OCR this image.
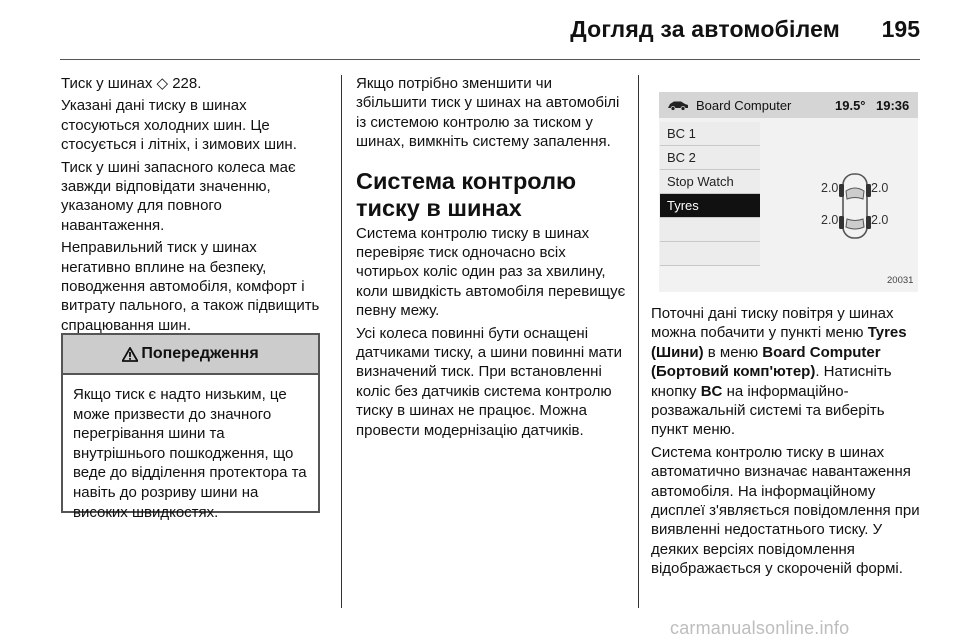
Догляд за автомобілем 195

Тиск у шинах ◇ 228.

Указані дані тиску в шинах стосуються холодних шин. Це стосується і літніх, і зимових шин.

Тиск у шині запасного колеса має завжди відповідати значенню, указаному для повного навантаження.

Неправильний тиск у шинах негативно вплине на безпеку, поводження автомобіля, комфорт і витрату пального, а також підвищить спрацювання шин.

Попередження
Якщо тиск є надто низьким, це може призвести до значного перегрівання шини та внутрішнього пошкодження, що веде до відділення протектора та навіть до розриву шини на високих швидкостях.

Якщо потрібно зменшити чи збільшити тиск у шинах на автомобілі із системою контролю за тиском у шинах, вимкніть систему запалення.

Система контролю тиску в шинах

Система контролю тиску в шинах перевіряє тиск одночасно всіх чотирьох коліс один раз за хвилину, коли швидкість автомобіля перевищує певну межу.

Усі колеса повинні бути оснащені датчиками тиску, а шини повинні мати визначений тиск. При встановленні коліс без датчиків система контролю тиску в шинах не працює. Можна провести модернізацію датчиків.

Board Computer	19.5° 19:36
BC 1
BC 2
Stop Watch
Tyres
2.0	2.0
2.0	2.0
20031

Поточні дані тиску повітря у шинах можна побачити у пункті меню Tyres (Шини) в меню Board Computer (Бортовий комп'ютер). Натисніть кнопку BC на інформаційно-розважальній системі та виберіть пункт меню.

Система контролю тиску в шинах автоматично визначає навантаження автомобіля. На інформаційному дисплеї з'являється повідомлення при виявленні недостатнього тиску. У деяких версіях повідомлення відображається у скороченій формі.

carmanualsonline.info
